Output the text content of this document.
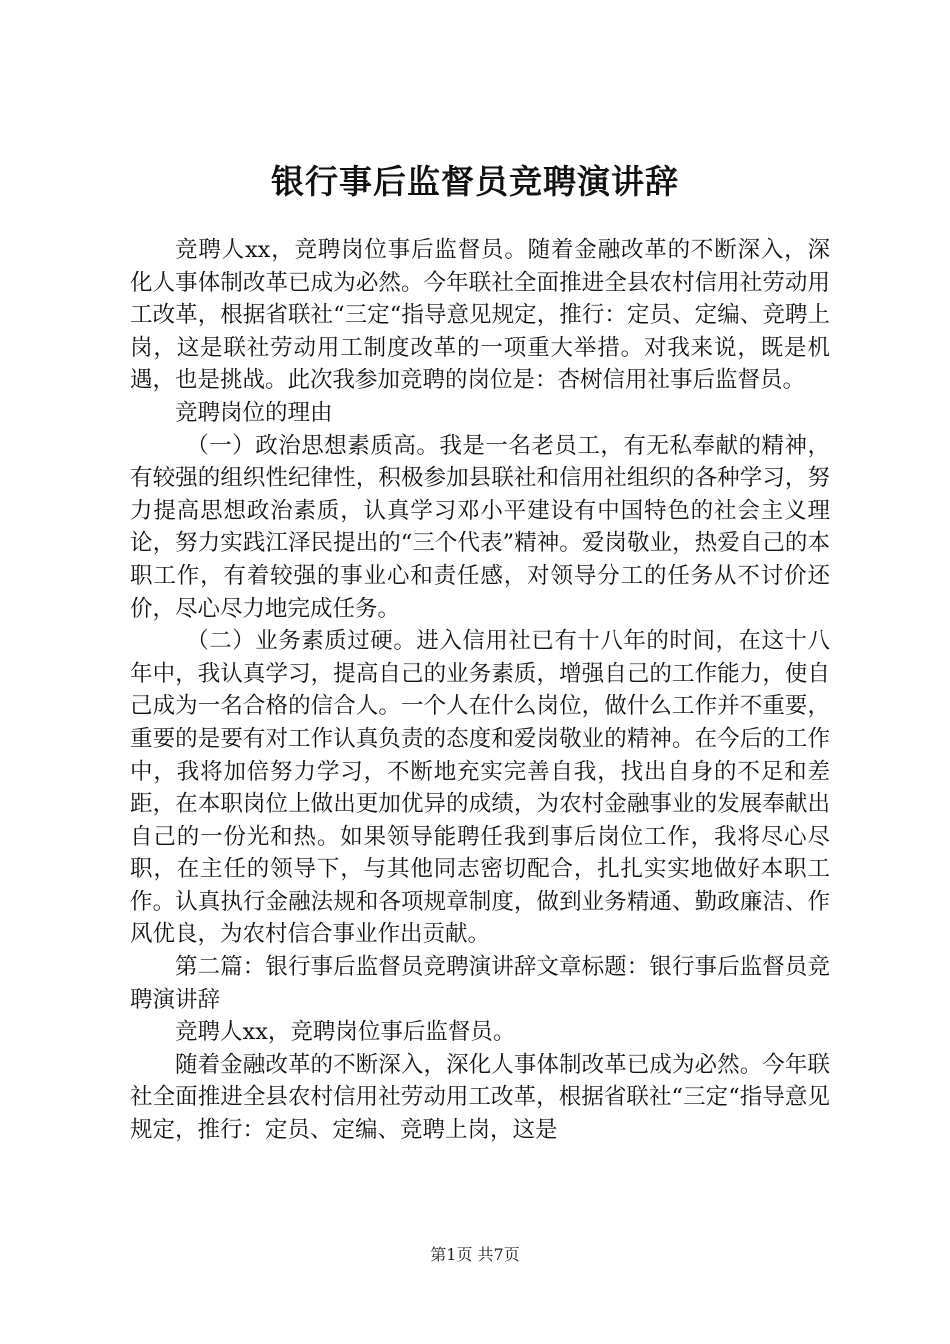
银行事后监督员竞聘演讲辞

竞聘人xx，竞聘岗位事后监督员。随着金融改革的不断深入，深化人事体制改革已成为必然。今年联社全面推进全县农村信用社劳动用工改革，根据省联社“三定“指导意见规定，推行：定员、定编、竞聘上岗，这是联社劳动用工制度改革的一项重大举措。对我来说，既是机遇，也是挑战。此次我参加竞聘的岗位是：杏树信用社事后监督员。

竞聘岗位的理由

（一）政治思想素质高。我是一名老员工，有无私奉献的精神，有较强的组织性纪律性，积极参加县联社和信用社组织的各种学习，努力提高思想政治素质，认真学习邓小平建设有中国特色的社会主义理论，努力实践江泽民提出的“三个代表”精神。爱岗敬业，热爱自己的本职工作，有着较强的事业心和责任感，对领导分工的任务从不讨价还价，尽心尽力地完成任务。

（二）业务素质过硬。进入信用社已有十八年的时间，在这十八年中，我认真学习，提高自己的业务素质，增强自己的工作能力，使自己成为一名合格的信合人。一个人在什么岗位，做什么工作并不重要，重要的是要有对工作认真负责的态度和爱岗敬业的精神。在今后的工作中，我将加倍努力学习，不断地充实完善自我，找出自身的不足和差距，在本职岗位上做出更加优异的成绩，为农村金融事业的发展奉献出自己的一份光和热。如果领导能聘任我到事后岗位工作，我将尽心尽职，在主任的领导下，与其他同志密切配合，扎扎实实地做好本职工作。认真执行金融法规和各项规章制度，做到业务精通、勤政廉洁、作风优良，为农村信合事业作出贡献。

第二篇：银行事后监督员竞聘演讲辞文章标题：银行事后监督员竞聘演讲辞

竞聘人xx，竞聘岗位事后监督员。

随着金融改革的不断深入，深化人事体制改革已成为必然。今年联社全面推进全县农村信用社劳动用工改革，根据省联社“三定“指导意见规定，推行：定员、定编、竞聘上岗，这是

第1页 共7页
